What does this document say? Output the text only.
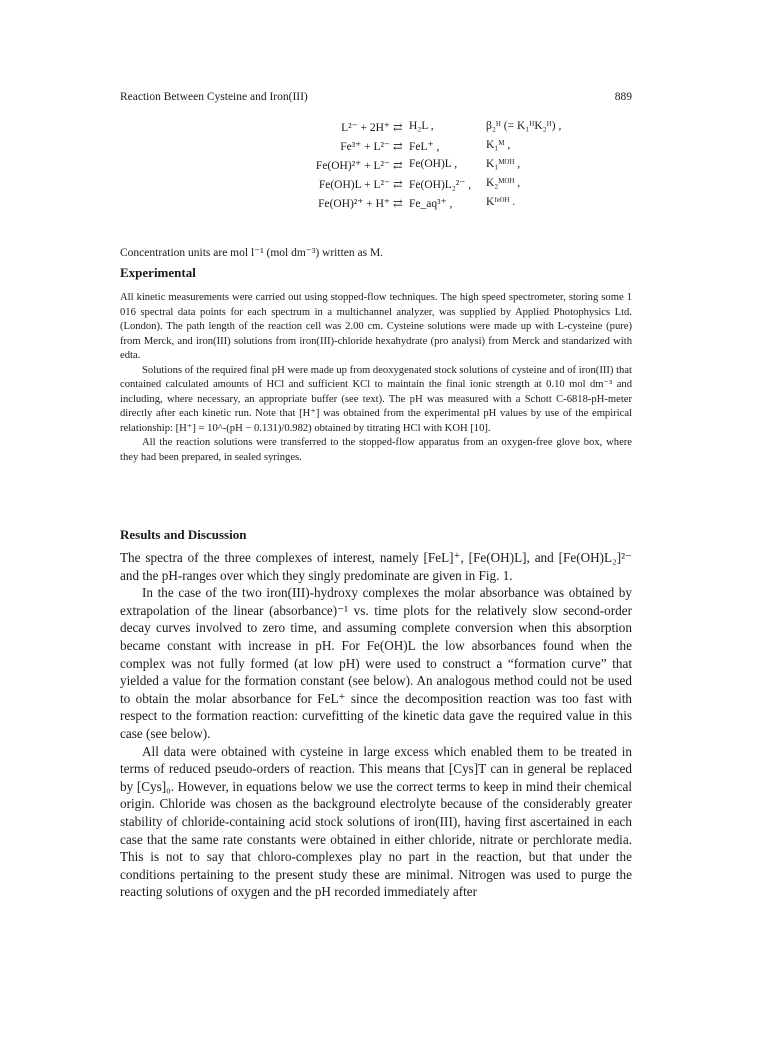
Reaction Between Cysteine and Iron(III)	889
L²⁻ + 2H⁺ ⇄ H₂L ,	β₂ᴴ (= K₁ᴴK₂ᴴ) ,
Fe³⁺ + L²⁻ ⇄ FeL⁺ ,	K₁ᴹ ,
Fe(OH)²⁺ + L²⁻ ⇄ Fe(OH)L ,	K₁ᴹᴼᴴ ,
Fe(OH)L + L²⁻ ⇄ Fe(OH)L₂²⁻ , K₂ᴹᴼᴴ ,
Fe(OH)²⁺ + H⁺ ⇄ Fe_aq³⁺ ,	Kᶠᵉᴼᴴ .
Concentration units are mol l⁻¹ (mol dm⁻³) written as M.
Experimental

All kinetic measurements were carried out using stopped-flow techniques. The high speed spectrometer, storing some 1 016 spectral data points for each spectrum in a multichannel analyzer, was supplied by Applied Photophysics Ltd. (London). The path length of the reaction cell was 2.00 cm. Cysteine solutions were made up with L-cysteine (pure) from Merck, and iron(III) solutions from iron(III)-chloride hexahydrate (pro analysi) from Merck and standarized with edta.

Solutions of the required final pH were made up from deoxygenated stock solutions of cysteine and of iron(III) that contained calculated amounts of HCl and sufficient KCl to maintain the final ionic strength at 0.10 mol dm⁻³ and including, where necessary, an appropriate buffer (see text). The pH was measured with a Schott C-6818-pH-meter directly after each kinetic run. Note that [H⁺] was obtained from the experimental pH values by use of the empirical relationship: [H⁺] = 10^-(pH − 0.131)/0.982) obtained by titrating HCl with KOH [10].

All the reaction solutions were transferred to the stopped-flow apparatus from an oxygen-free glove box, where they had been prepared, in sealed syringes.

Results and Discussion

The spectra of the three complexes of interest, namely [FeL]⁺, [Fe(OH)L], and [Fe(OH)L₂]²⁻ and the pH-ranges over which they singly predominate are given in Fig. 1.

In the case of the two iron(III)-hydroxy complexes the molar absorbance was obtained by extrapolation of the linear (absorbance)⁻¹ vs. time plots for the relatively slow second-order decay curves involved to zero time, and assuming complete conversion when this absorption became constant with increase in pH. For Fe(OH)L the low absorbances found when the complex was not fully formed (at low pH) were used to construct a “formation curve” that yielded a value for the formation constant (see below). An analogous method could not be used to obtain the molar absorbance for FeL⁺ since the decomposition reaction was too fast with respect to the formation reaction: curvefitting of the kinetic data gave the required value in this case (see below).

All data were obtained with cysteine in large excess which enabled them to be treated in terms of reduced pseudo-orders of reaction. This means that [Cys]T can in general be replaced by [Cys]₀. However, in equations below we use the correct terms to keep in mind their chemical origin. Chloride was chosen as the background electrolyte because of the considerably greater stability of chloride-containing acid stock solutions of iron(III), having first ascertained in each case that the same rate constants were obtained in either chloride, nitrate or perchlorate media. This is not to say that chloro-complexes play no part in the reaction, but that under the conditions pertaining to the present study these are minimal. Nitrogen was used to purge the reacting solutions of oxygen and the pH recorded immediately after
